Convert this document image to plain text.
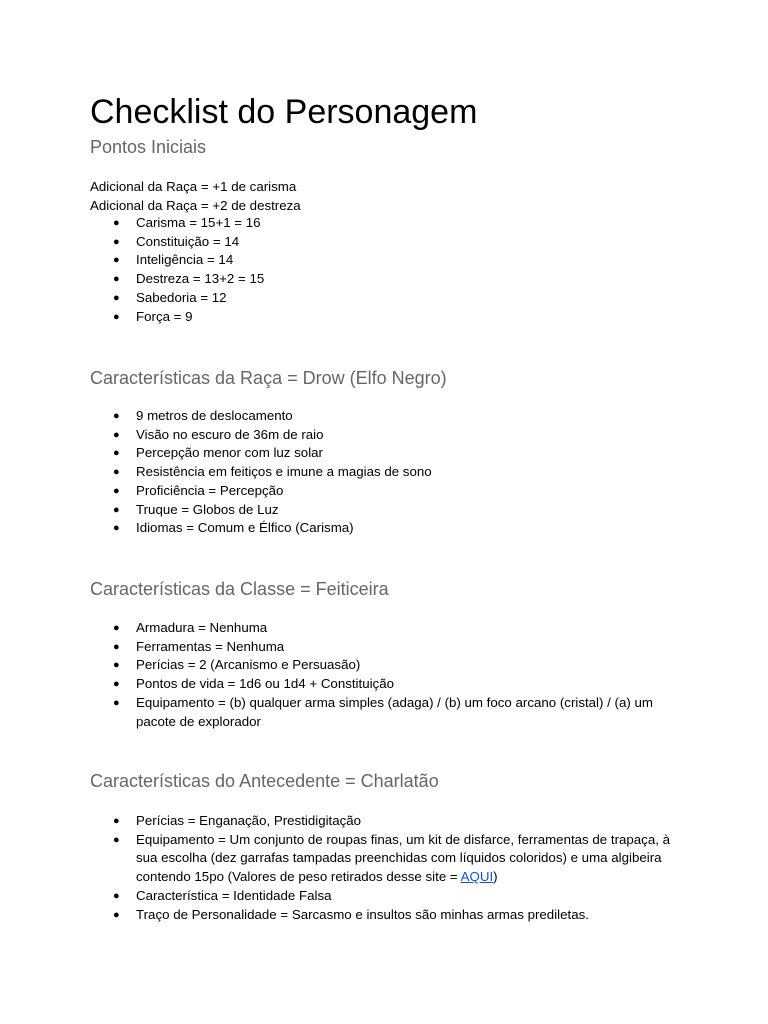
Checklist do Personagem
Pontos Iniciais

Adicional da Raça = +1 de carisma

Adicional da Raça = +2 de destreza

● Carisma = 15+1 = 16
● Constituição = 14
● Inteligência = 14
● Destreza = 13+2 = 15
● Sabedoria = 12
● Força = 9
Características da Raça = Drow (Elfo Negro)
● 9 metros de deslocamento
● Visão no escuro de 36m de raio
● Percepção menor com luz solar
● Resistência em feitiços e imune a magias de sono
● Proficiência = Percepção
● Truque = Globos de Luz
● Idiomas = Comum e Élfico (Carisma)
Características da Classe = Feiticeira
● Armadura = Nenhuma
● Ferramentas = Nenhuma
● Perícias = 2 (Arcanismo e Persuasão)
● Pontos de vida = 1d6 ou 1d4 + Constituição
● Equipamento = (b) qualquer arma simples (adaga) / (b) um foco arcano (cristal) / (a) um pacote de explorador
Características do Antecedente = Charlatão
● Perícias = Enganação, Prestidigitação
● Equipamento = Um conjunto de roupas finas, um kit de disfarce, ferramentas de trapaça, à sua escolha (dez garrafas tampadas preenchidas com líquidos coloridos) e uma algibeira contendo 15po (Valores de peso retirados desse site = AQUI)
● Característica = Identidade Falsa
● Traço de Personalidade = Sarcasmo e insultos são minhas armas prediletas.
